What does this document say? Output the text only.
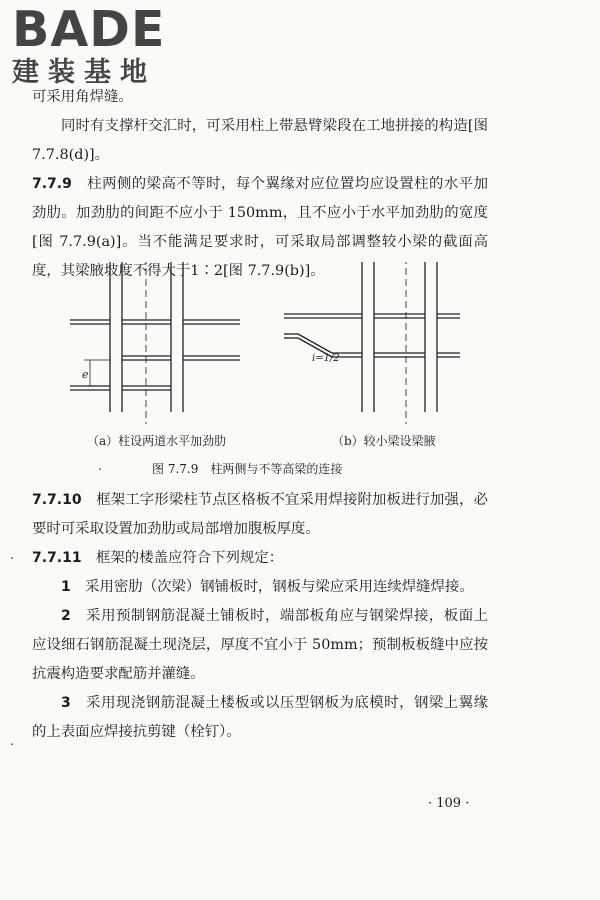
BADE
建装基地

可采用角焊缝。

同时有支撑杆交汇时，可采用柱上带悬臂梁段在工地拼接的构造[图 7.7.8(d)]。

7.7.9　 柱两侧的梁高不等时，每个翼缘对应位置均应设置柱的水平加劲肋。加劲肋的间距不应小于 150mm，且不应小于水平加劲肋的宽度[图 7.7.9(a)]。当不能满足要求时，可采取局部调整较小梁的截面高度，其梁腋坡度不得大于1∶2[图 7.7.9(b)]。

e
i=1/2
（a）柱设两道水平加劲肋	（b）较小梁设梁腋
.	图 7.7.9　柱两侧与不等高梁的连接

7.7.10　 框架工字形梁柱节点区格板不宜采用焊接附加板进行加强，必要时可采取设置加劲肋或局部增加腹板厚度。

7.7.11　 框架的楼盖应符合下列规定：

1　 采用密肋（次梁）钢铺板时，钢板与梁应采用连续焊缝焊接。

2　 采用预制钢筋混凝土铺板时，端部板角应与钢梁焊接，板面上应设细石钢筋混凝土现浇层，厚度不宜小于 50mm；预制板板缝中应按抗震构造要求配筋并灌缝。

3　 采用现浇钢筋混凝土楼板或以压型钢板为底模时，钢梁上翼缘的上表面应焊接抗剪键（栓钉）。

.
.
· 109 ·
